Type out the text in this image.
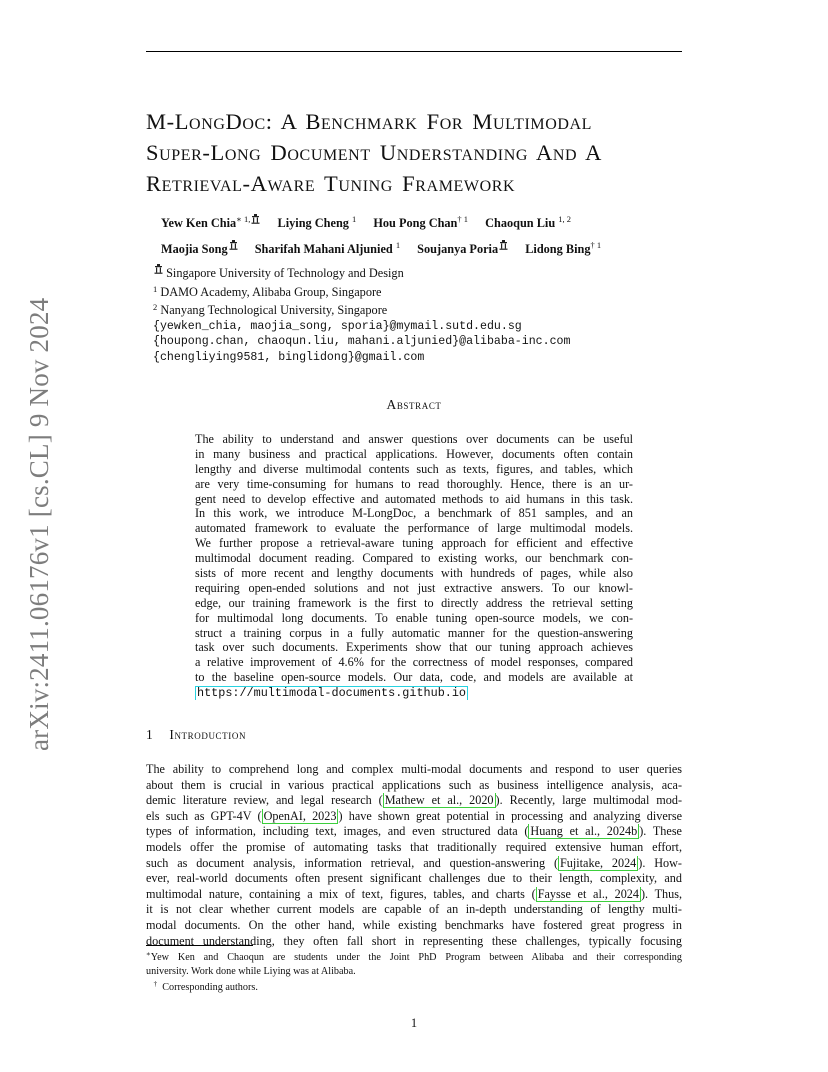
arXiv:2411.06176v1 [cs.CL] 9 Nov 2024
M-LongDoc: A Benchmark For Multimodal
Super-Long Document Understanding And A
Retrieval-Aware Tuning Framework
Yew Ken Chia$^{∗ 1,}$ Liying Cheng $^1$ Hou Pong Chan$^{\dagger 1}$ Chaoqun Liu $^{1, 2}$
Maojia Song Sharifah Mahani Aljunied $^1$ Soujanya Poria Lidong Bing$^{\dagger 1}$
Singapore University of Technology and Design
$^1$ DAMO Academy, Alibaba Group, Singapore
$^2$ Nanyang Technological University, Singapore
{yewken_chia, maojia_song, sporia}@mymail.sutd.edu.sg
{houpong.chan, chaoqun.liu, mahani.aljunied}@alibaba-inc.com
{chengliying9581, binglidong}@gmail.com
Abstract
The ability to understand and answer questions over documents can be useful
in many business and practical applications. However, documents often contain
lengthy and diverse multimodal contents such as texts, figures, and tables, which
are very time-consuming for humans to read thoroughly. Hence, there is an ur-
gent need to develop effective and automated methods to aid humans in this task.
In this work, we introduce M-LongDoc, a benchmark of 851 samples, and an
automated framework to evaluate the performance of large multimodal models.
We further propose a retrieval-aware tuning approach for efficient and effective
multimodal document reading. Compared to existing works, our benchmark con-
sists of more recent and lengthy documents with hundreds of pages, while also
requiring open-ended solutions and not just extractive answers. To our knowl-
edge, our training framework is the first to directly address the retrieval setting
for multimodal long documents. To enable tuning open-source models, we con-
struct a training corpus in a fully automatic manner for the question-answering
task over such documents. Experiments show that our tuning approach achieves
a relative improvement of 4.6% for the correctness of model responses, compared
to the baseline open-source models. Our data, code, and models are available at
https://multimodal-documents.github.io
1 Introduction
The ability to comprehend long and complex multi-modal documents and respond to user queries
about them is crucial in various practical applications such as business intelligence analysis, aca-
demic literature review, and legal research ( Mathew et al., 2020 ). Recently, large multimodal mod-
els such as GPT-4V ( OpenAI, 2023 ) have shown great potential in processing and analyzing diverse
types of information, including text, images, and even structured data ( Huang et al., 2024b ). These
models offer the promise of automating tasks that traditionally required extensive human effort,
such as document analysis, information retrieval, and question-answering ( Fujitake, 2024 ). How-
ever, real-world documents often present significant challenges due to their length, complexity, and
multimodal nature, containing a mix of text, figures, tables, and charts ( Faysse et al., 2024 ). Thus,
it is not clear whether current models are capable of an in-depth understanding of lengthy multi-
modal documents. On the other hand, while existing benchmarks have fostered great progress in
document understanding, they often fall short in representing these challenges, typically focusing
∗Yew Ken and Chaoqun are students under the Joint PhD Program between Alibaba and their corresponding
university. Work done while Liying was at Alibaba.
† Corresponding authors.
1
